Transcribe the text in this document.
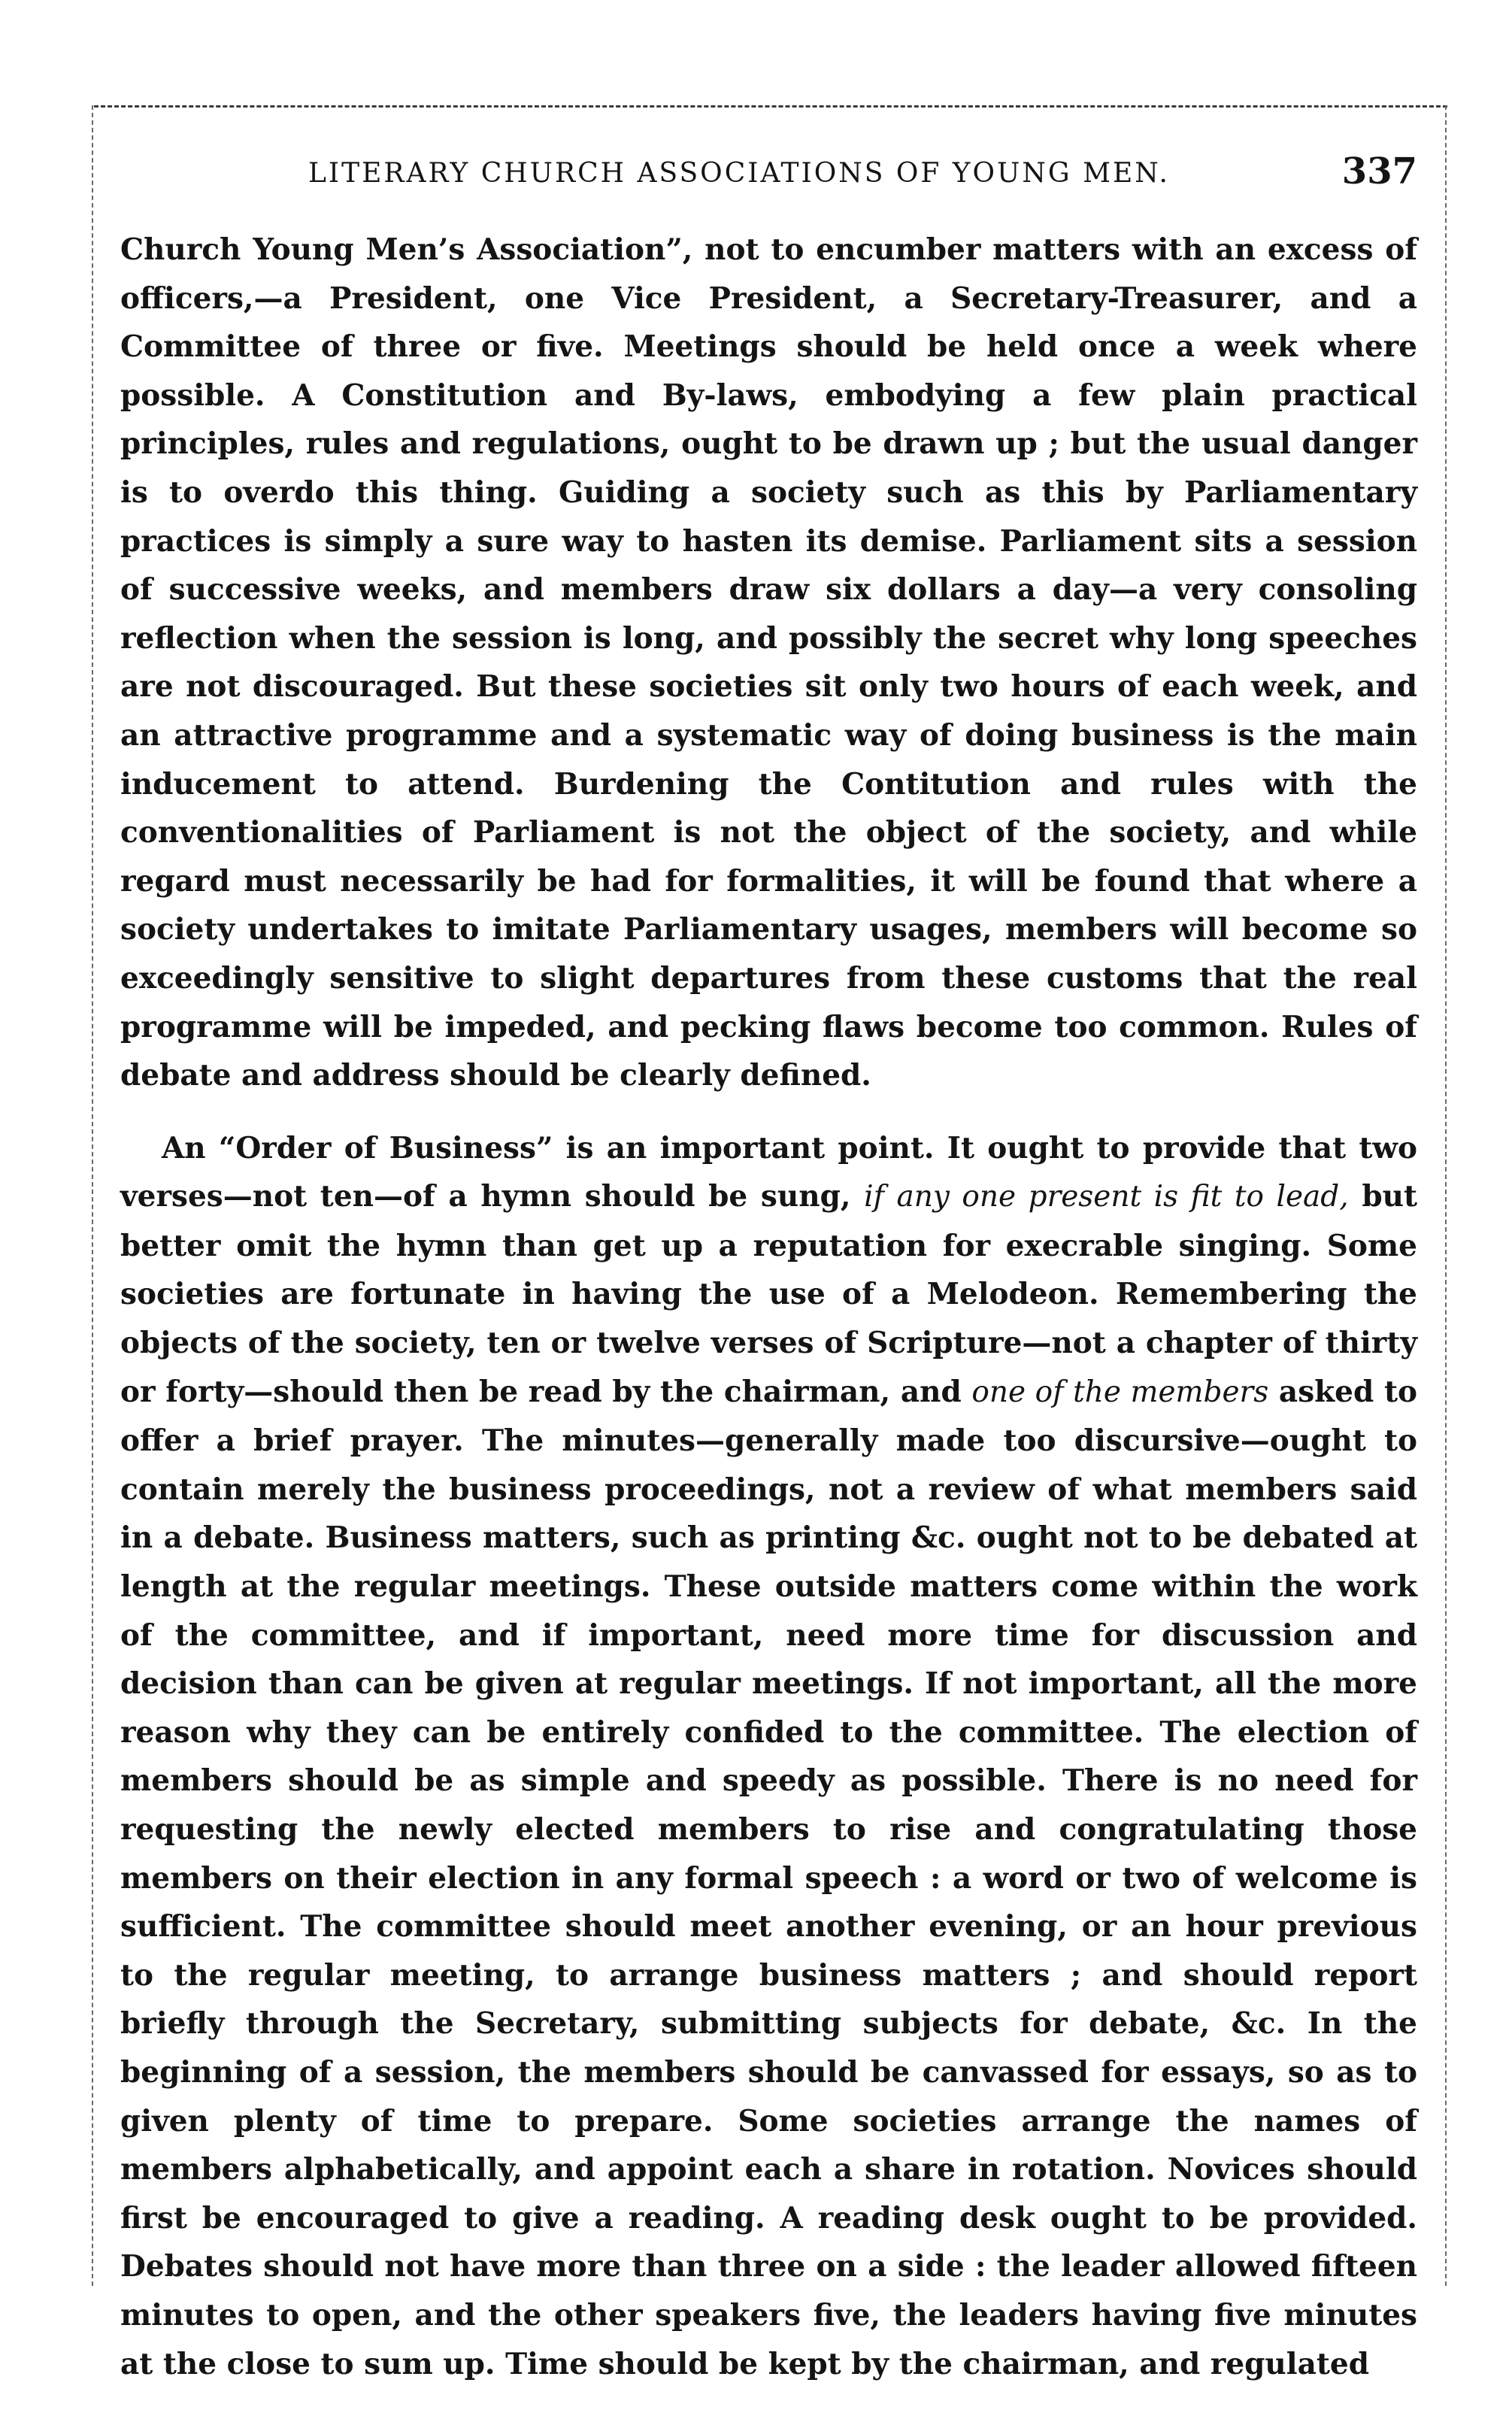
LITERARY CHURCH ASSOCIATIONS OF YOUNG MEN.	337

Church Young Men’s Association”, not to encumber matters with an excess of officers,—a President, one Vice President, a Secretary-Treasurer, and a Committee of three or five. Meetings should be held once a week where possible. A Constitution and By-laws, embodying a few plain practical principles, rules and regulations, ought to be drawn up ; but the usual danger is to overdo this thing. Guiding a society such as this by Parliamentary practices is simply a sure way to hasten its demise. Parliament sits a session of successive weeks, and members draw six dollars a day—a very consoling reflection when the session is long, and possibly the secret why long speeches are not discouraged. But these societies sit only two hours of each week, and an attractive programme and a systematic way of doing business is the main inducement to attend. Burdening the Contitution and rules with the conventionalities of Parliament is not the object of the society, and while regard must necessarily be had for formalities, it will be found that where a society undertakes to imitate Parliamentary usages, members will become so exceedingly sensitive to slight departures from these customs that the real programme will be impeded, and pecking flaws become too common. Rules of debate and address should be clearly defined.

An “Order of Business” is an important point. It ought to provide that two verses—not ten—of a hymn should be sung, if any one present is fit to lead, but better omit the hymn than get up a reputation for execrable singing. Some societies are fortunate in having the use of a Melodeon. Remembering the objects of the society, ten or twelve verses of Scripture—not a chapter of thirty or forty—should then be read by the chairman, and one of the members asked to offer a brief prayer. The minutes—generally made too discursive—ought to contain merely the business proceedings, not a review of what members said in a debate. Business matters, such as printing &c. ought not to be debated at length at the regular meetings. These outside matters come within the work of the committee, and if important, need more time for discussion and decision than can be given at regular meetings. If not important, all the more reason why they can be entirely confided to the committee. The election of members should be as simple and speedy as possible. There is no need for requesting the newly elected members to rise and congratulating those members on their election in any formal speech : a word or two of welcome is sufficient. The committee should meet another evening, or an hour previous to the regular meeting, to arrange business matters ; and should report briefly through the Secretary, submitting subjects for debate, &c. In the beginning of a session, the members should be canvassed for essays, so as to given plenty of time to prepare. Some societies arrange the names of members alphabetically, and appoint each a share in rotation. Novices should first be encouraged to give a reading. A reading desk ought to be provided. Debates should not have more than three on a side : the leader allowed fifteen minutes to open, and the other speakers five, the leaders having five minutes at the close to sum up. Time should be kept by the chairman, and regulated
